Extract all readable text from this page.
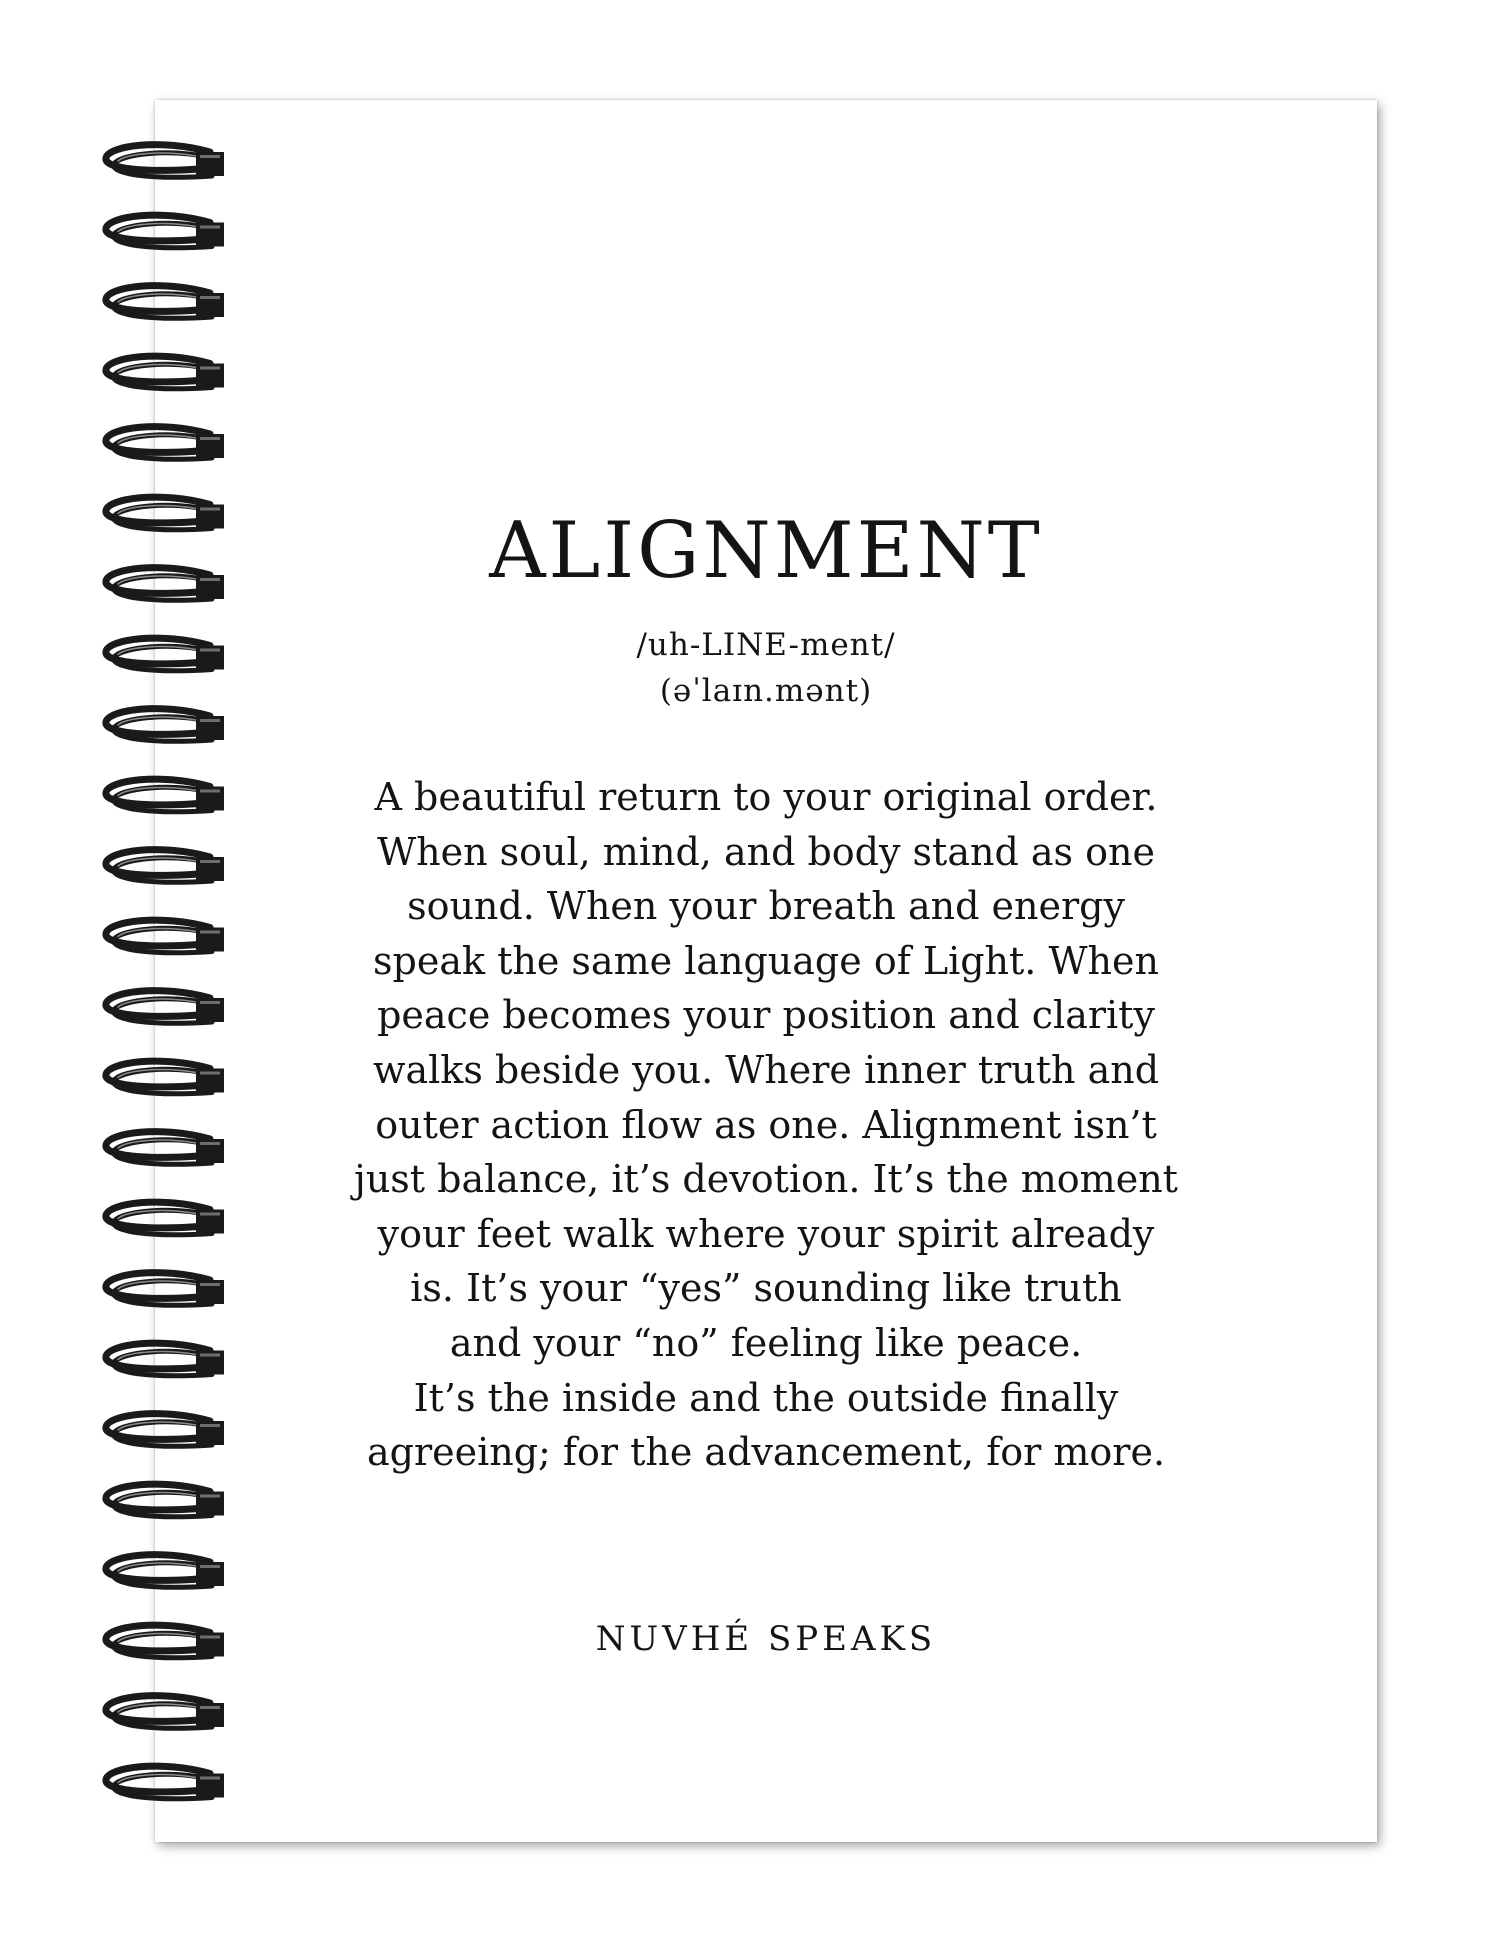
ALIGNMENT
/uh-LINE-ment/
(əˈlaɪn.mənt)
A beautiful return to your original order.
When soul, mind, and body stand as one
sound. When your breath and energy
speak the same language of Light. When
peace becomes your position and clarity
walks beside you. Where inner truth and
outer action flow as one. Alignment isn’t
just balance, it’s devotion. It’s the moment
your feet walk where your spirit already
is. It’s your “yes” sounding like truth
and your “no” feeling like peace.
It’s the inside and the outside finally
agreeing; for the advancement, for more.
NUVHÉ SPEAKS
